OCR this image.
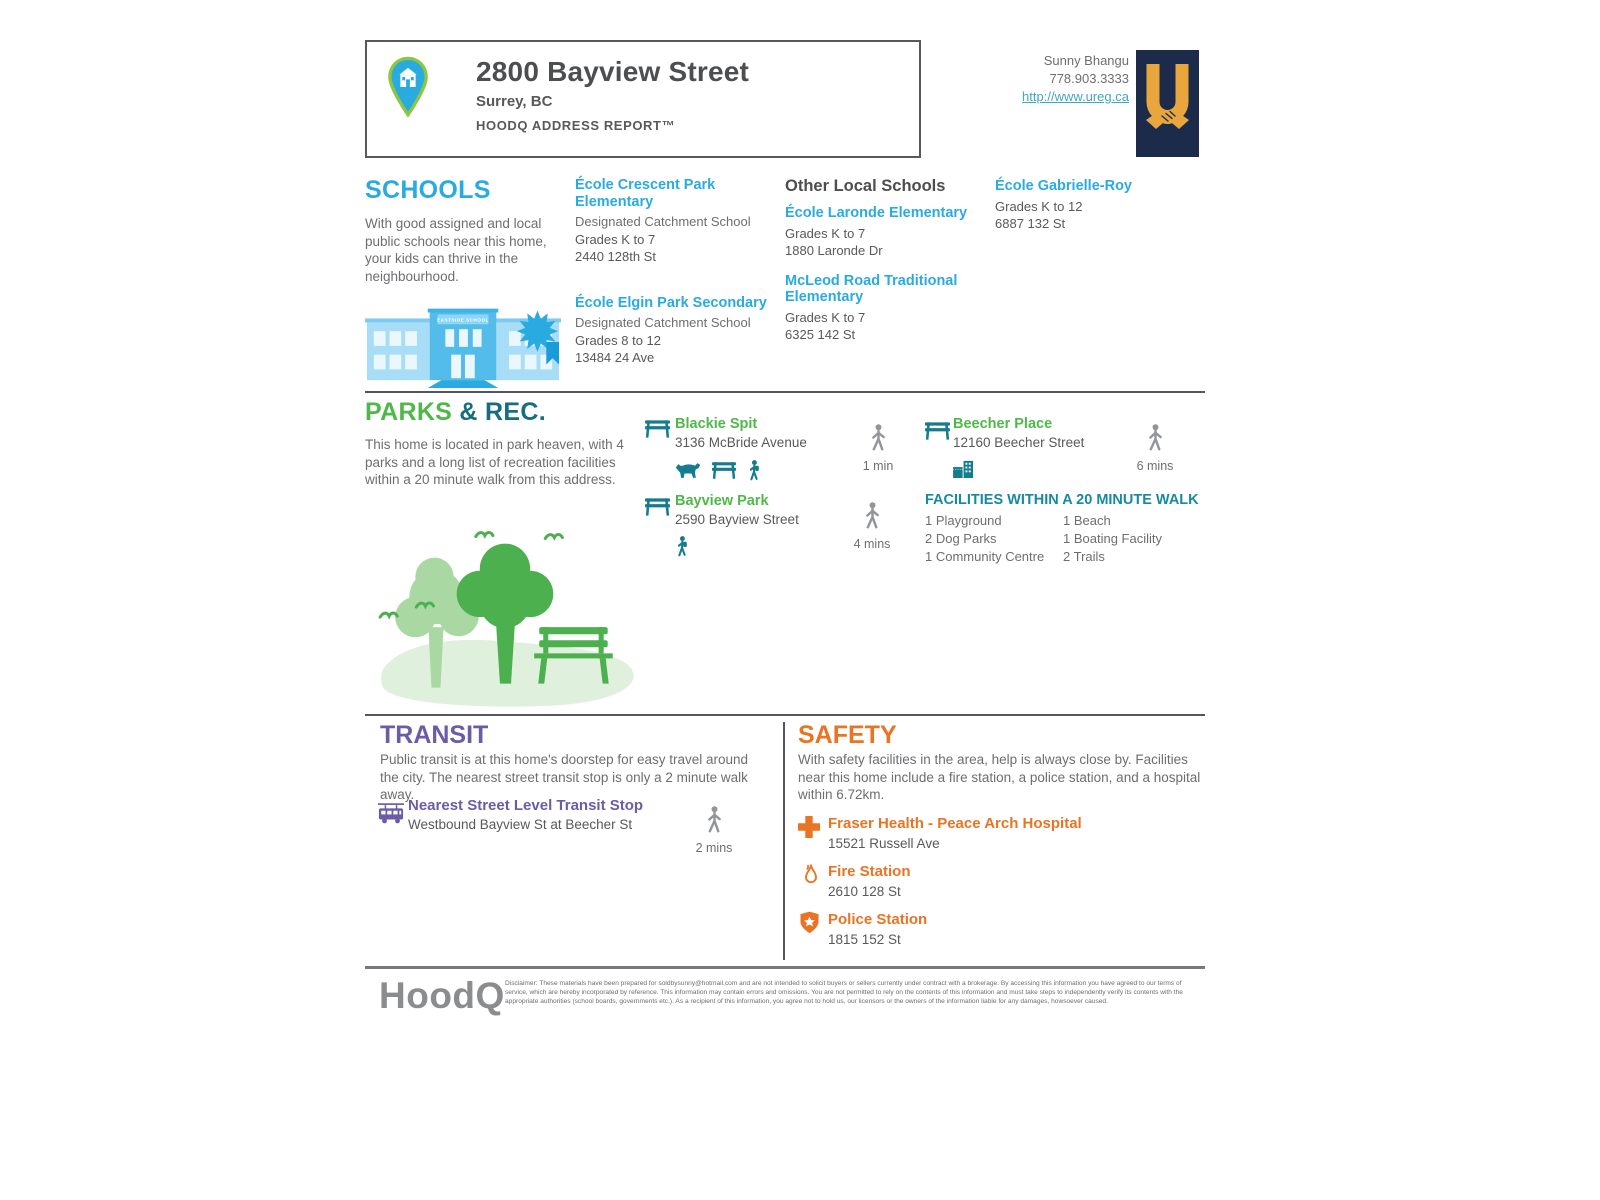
2800 Bayview Street
Surrey, BC
HOODQ ADDRESS REPORT™
Sunny Bhangu
778.903.3333
http://www.ureg.ca
SCHOOLS
With good assigned and local public schools near this home, your kids can thrive in the neighbourhood.
EASTSIDE SCHOOL
École Crescent Park Elementary
Designated Catchment School
Grades K to 7
2440 128th St
École Elgin Park Secondary
Designated Catchment School
Grades 8 to 12
13484 24 Ave
Other Local Schools
École Laronde Elementary
Grades K to 7
1880 Laronde Dr
McLeod Road Traditional Elementary
Grades K to 7
6325 142 St
École Gabrielle-Roy
Grades K to 12
6887 132 St
PARKS & REC.
This home is located in park heaven, with 4 parks and a long list of recreation facilities within a 20 minute walk from this address.
Blackie Spit
3136 McBride Avenue
1 min
Beecher Place
12160 Beecher Street
6 mins
Bayview Park
2590 Bayview Street
4 mins
FACILITIES WITHIN A 20 MINUTE WALK
1 Playground
2 Dog Parks
1 Community Centre
1 Beach
1 Boating Facility
2 Trails
TRANSIT
Public transit is at this home's doorstep for easy travel around the city. The nearest street transit stop is only a 2 minute walk away.
Nearest Street Level Transit Stop
Westbound Bayview St at Beecher St
2 mins
SAFETY
With safety facilities in the area, help is always close by. Facilities near this home include a fire station, a police station, and a hospital within 6.72km.
Fraser Health - Peace Arch Hospital
15521 Russell Ave
Fire Station
2610 128 St
Police Station
1815 152 St
HoodQ Disclaimer: These materials have been prepared for soldbysunny@hotmail.com and are not intended to solicit buyers or sellers currently under contract with a brokerage. By accessing this information you have agreed to our terms of service, which are hereby incorporated by reference. This information may contain errors and omissions. You are not permitted to rely on the contents of this information and must take steps to independently verify its contents with the appropriate authorities (school boards, governments etc.). As a recipient of this information, you agree not to hold us, our licensors or the owners of the information liable for any damages, howsoever caused.
